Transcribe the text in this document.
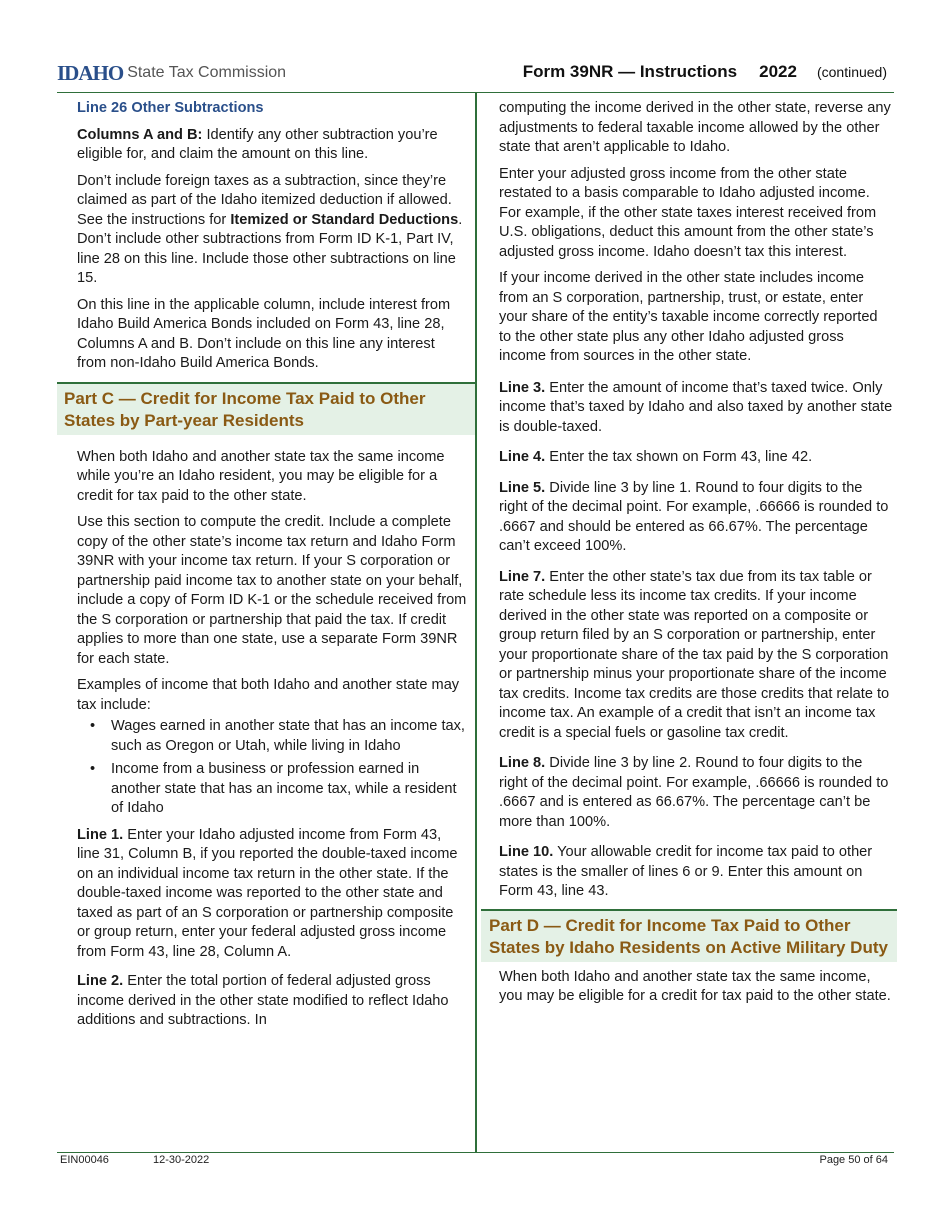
IDAHO State Tax Commission	Form 39NR — Instructions 2022 (continued)
Line 26 Other Subtractions

Columns A and B: Identify any other subtraction you’re eligible for, and claim the amount on this line.

Don’t include foreign taxes as a subtraction, since they’re claimed as part of the Idaho itemized deduction if allowed. See the instructions for Itemized or Standard Deductions. Don’t include other subtractions from Form ID K-1, Part IV, line 28 on this line. Include those other subtractions on line 15.

On this line in the applicable column, include interest from Idaho Build America Bonds included on Form 43, line 28, Columns A and B. Don’t include on this line any interest from non-Idaho Build America Bonds.

Part C — Credit for Income Tax Paid to Other States by Part-year Residents

When both Idaho and another state tax the same income while you’re an Idaho resident, you may be eligible for a credit for tax paid to the other state.

Use this section to compute the credit. Include a complete copy of the other state’s income tax return and Idaho Form 39NR with your income tax return. If your S corporation or partnership paid income tax to another state on your behalf, include a copy of Form ID K-1 or the schedule received from the S corporation or partnership that paid the tax. If credit applies to more than one state, use a separate Form 39NR for each state.

Examples of income that both Idaho and another state may tax include:

• Wages earned in another state that has an income tax, such as Oregon or Utah, while living in Idaho
• Income from a business or profession earned in another state that has an income tax, while a resident of Idaho

Line 1. Enter your Idaho adjusted income from Form 43, line 31, Column B, if you reported the double-taxed income on an individual income tax return in the other state. If the double-taxed income was reported to the other state and taxed as part of an S corporation or partnership composite or group return, enter your federal adjusted gross income from Form 43, line 28, Column A.

Line 2. Enter the total portion of federal adjusted gross income derived in the other state modified to reflect Idaho additions and subtractions. In

computing the income derived in the other state, reverse any adjustments to federal taxable income allowed by the other state that aren’t applicable to Idaho.

Enter your adjusted gross income from the other state restated to a basis comparable to Idaho adjusted income. For example, if the other state taxes interest received from U.S. obligations, deduct this amount from the other state’s adjusted gross income. Idaho doesn’t tax this interest.

If your income derived in the other state includes income from an S corporation, partnership, trust, or estate, enter your share of the entity’s taxable income correctly reported to the other state plus any other Idaho adjusted gross income from sources in the other state.

Line 3. Enter the amount of income that’s taxed twice. Only income that’s taxed by Idaho and also taxed by another state is double-taxed.

Line 4. Enter the tax shown on Form 43, line 42.

Line 5. Divide line 3 by line 1. Round to four digits to the right of the decimal point. For example, .66666 is rounded to .6667 and should be entered as 66.67%. The percentage can’t exceed 100%.

Line 7. Enter the other state’s tax due from its tax table or rate schedule less its income tax credits. If your income derived in the other state was reported on a composite or group return filed by an S corporation or partnership, enter your proportionate share of the tax paid by the S corporation or partnership minus your proportionate share of the income tax credits. Income tax credits are those credits that relate to income tax. An example of a credit that isn’t an income tax credit is a special fuels or gasoline tax credit.

Line 8. Divide line 3 by line 2. Round to four digits to the right of the decimal point. For example, .66666 is rounded to .6667 and is entered as 66.67%. The percentage can’t be more than 100%.

Line 10. Your allowable credit for income tax paid to other states is the smaller of lines 6 or 9. Enter this amount on Form 43, line 43.

Part D — Credit for Income Tax Paid to Other States by Idaho Residents on Active Military Duty

When both Idaho and another state tax the same income, you may be eligible for a credit for tax paid to the other state.

EIN00046	12-30-2022	Page 50 of 64
